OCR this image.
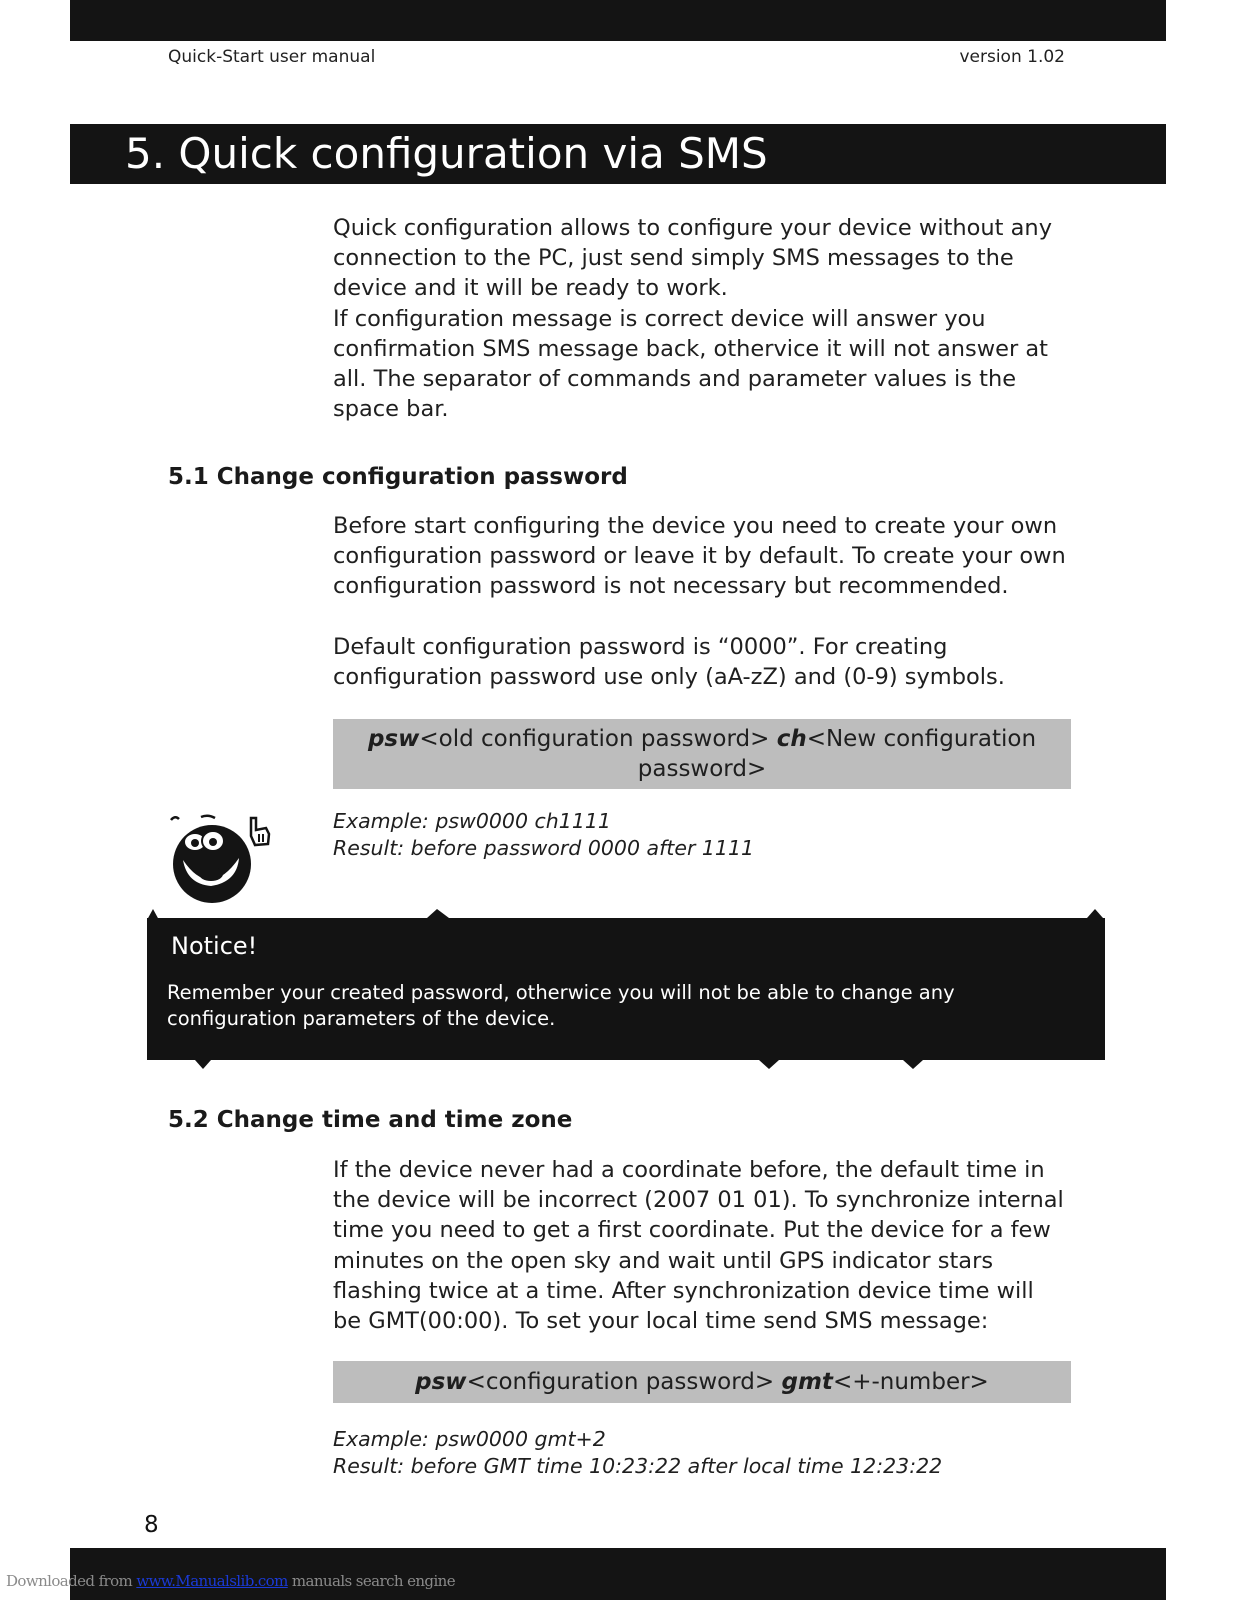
Quick-Start user manual	version 1.02
5. Quick configuration via SMS
Quick configuration allows to configure your device without any
connection to the PC, just send simply SMS messages to the
device and it will be ready to work.
If configuration message is correct device will answer you
confirmation SMS message back, othervice it will not answer at
all. The separator of commands and parameter values is the
space bar.
5.1 Change configuration password
Before start configuring the device you need to create your own
configuration password or leave it by default. To create your own
configuration password is not necessary but recommended.
Default configuration password is “0000”. For creating
configuration password use only (aA-zZ) and (0-9) symbols.
psw<old configuration password> ch<New configuration
password>
Example: psw0000 ch1111
Result: before password 0000 after 1111
Notice!
Remember your created password, otherwice you will not be able to change any configuration parameters of the device.
5.2 Change time and time zone
If the device never had a coordinate before, the default time in
the device will be incorrect (2007 01 01). To synchronize internal
time you need to get a first coordinate. Put the device for a few
minutes on the open sky and wait until GPS indicator stars
flashing twice at a time. After synchronization device time will
be GMT(00:00). To set your local time send SMS message:
psw<configuration password> gmt<+-number>
Example: psw0000 gmt+2
Result: before GMT time 10:23:22 after local time 12:23:22
8
Downloaded from www.Manualslib.com manuals search engine
